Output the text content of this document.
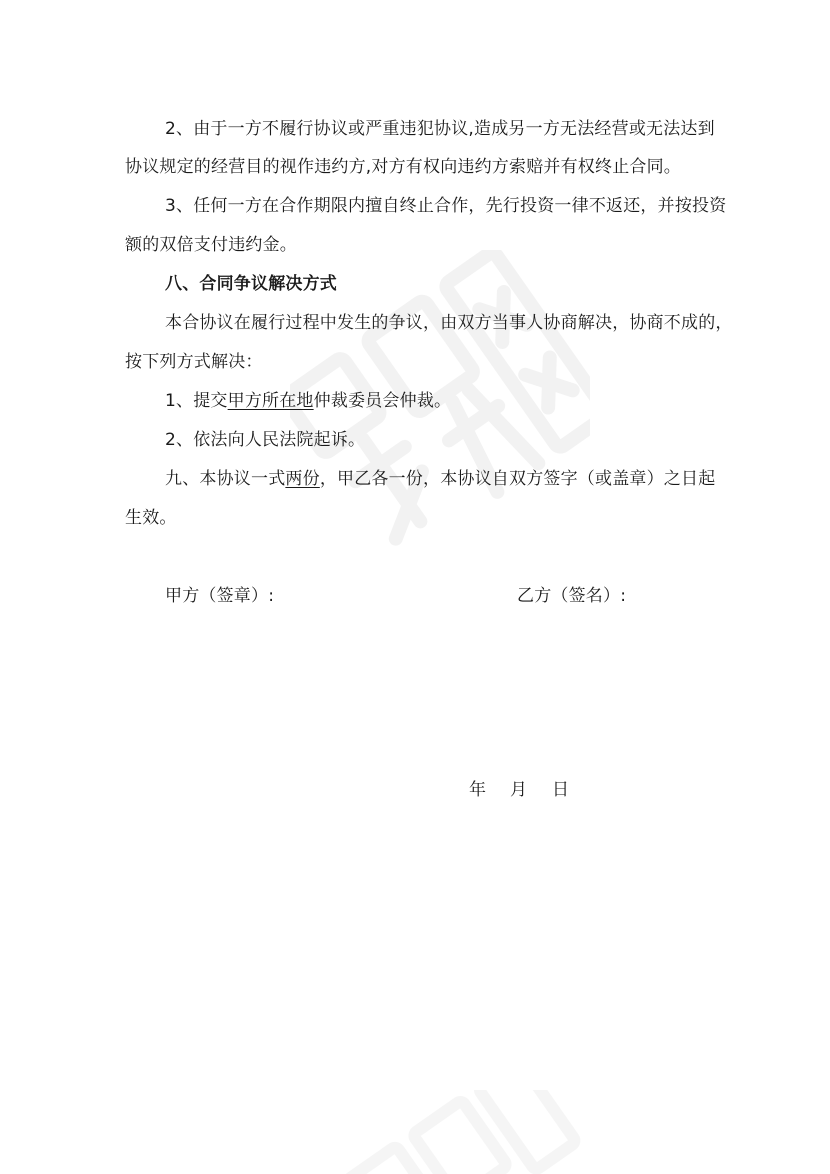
2、由于一方不履行协议或严重违犯协议,造成另一方无法经营或无法达到
协议规定的经营目的视作违约方,对方有权向违约方索赔并有权终止合同。
3、任何一方在合作期限内擅自终止合作，先行投资一律不返还，并按投资
额的双倍支付违约金。
八、合同争议解决方式
本合协议在履行过程中发生的争议，由双方当事人协商解决，协商不成的，
按下列方式解决：
1、提交甲方所在地仲裁委员会仲裁。
2、依法向人民法院起诉。
九、本协议一式两份，甲乙各一份，本协议自双方签字（或盖章）之日起
生效。
甲方（签章）:	乙方（签名）:
年 月 日
